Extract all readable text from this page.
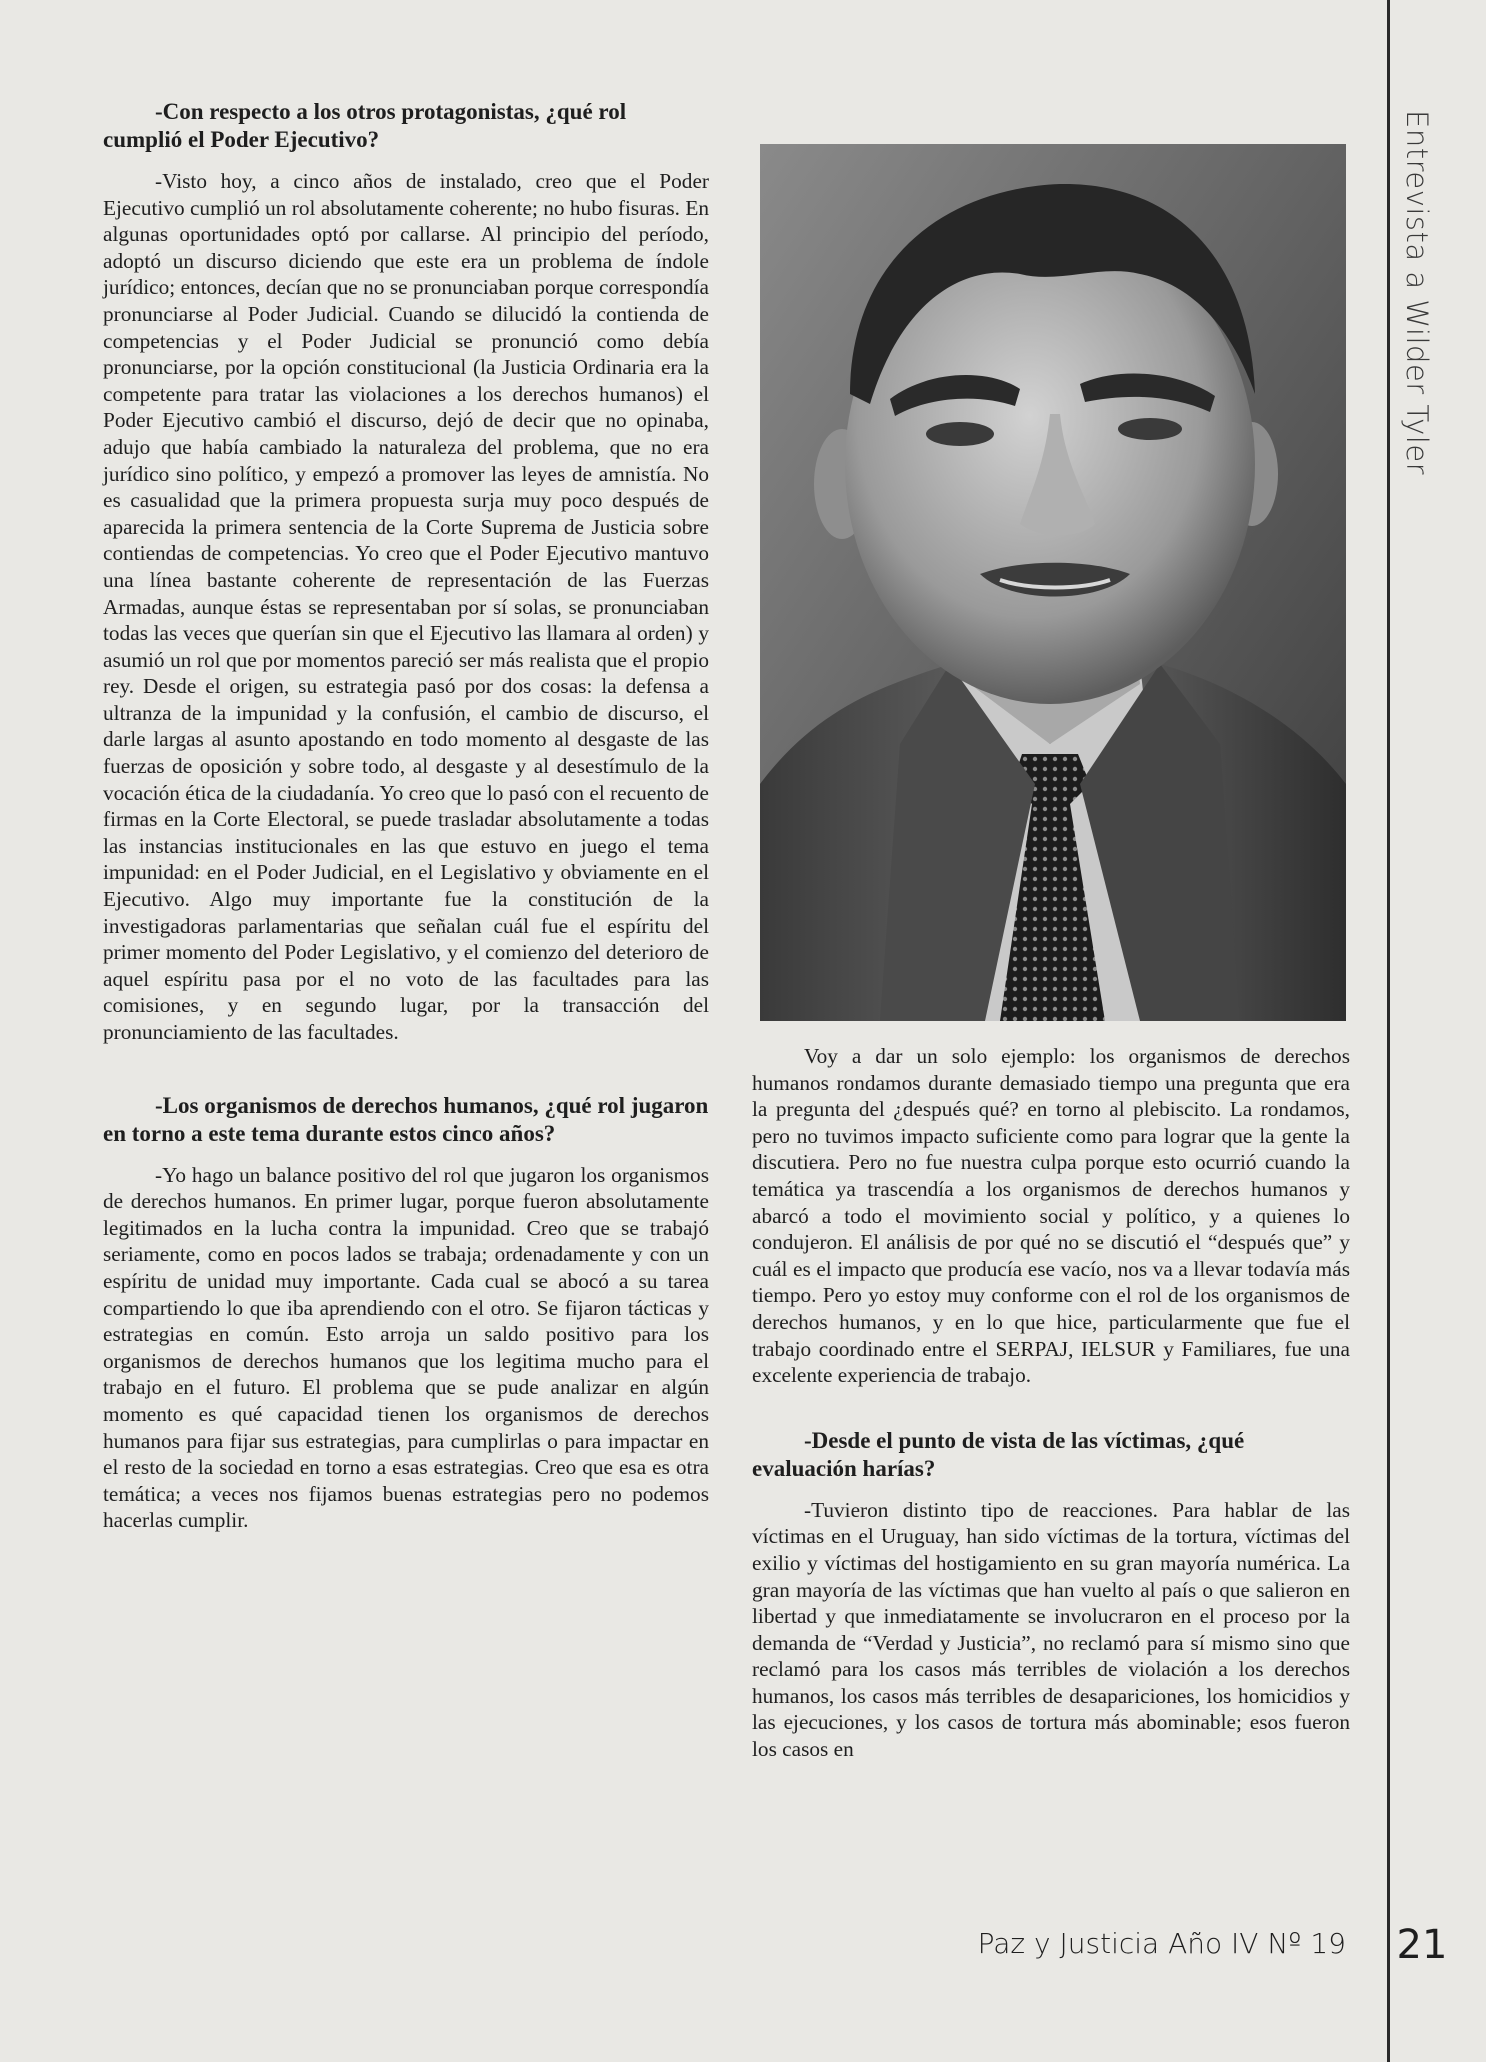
Entrevista a Wilder Tyler

-Con respecto a los otros protagonistas, ¿qué rol cumplió el Poder Ejecutivo?

-Visto hoy, a cinco años de instalado, creo que el Poder Ejecutivo cumplió un rol absolutamente coherente; no hubo fisuras. En algunas oportunidades optó por callarse. Al principio del período, adoptó un discurso diciendo que este era un problema de índole jurídico; entonces, decían que no se pronunciaban porque correspondía pronunciarse al Poder Judicial. Cuando se dilucidó la contienda de competencias y el Poder Judicial se pronunció como debía pronunciarse, por la opción constitucional (la Justicia Ordinaria era la competente para tratar las violaciones a los derechos humanos) el Poder Ejecutivo cambió el discurso, dejó de decir que no opinaba, adujo que había cambiado la naturaleza del problema, que no era jurídico sino político, y empezó a promover las leyes de amnistía. No es casualidad que la primera propuesta surja muy poco después de aparecida la primera sentencia de la Corte Suprema de Justicia sobre contiendas de competencias. Yo creo que el Poder Ejecutivo mantuvo una línea bastante coherente de representación de las Fuerzas Armadas, aunque éstas se representaban por sí solas, se pronunciaban todas las veces que querían sin que el Ejecutivo las llamara al orden) y asumió un rol que por momentos pareció ser más realista que el propio rey. Desde el origen, su estrategia pasó por dos cosas: la defensa a ultranza de la impunidad y la confusión, el cambio de discurso, el darle largas al asunto apostando en todo momento al desgaste de las fuerzas de oposición y sobre todo, al desgaste y al desestímulo de la vocación ética de la ciudadanía. Yo creo que lo pasó con el recuento de firmas en la Corte Electoral, se puede trasladar absolutamente a todas las instancias institucionales en las que estuvo en juego el tema impunidad: en el Poder Judicial, en el Legislativo y obviamente en el Ejecutivo. Algo muy importante fue la constitución de la investigadoras parlamentarias que señalan cuál fue el espíritu del primer momento del Poder Legislativo, y el comienzo del deterioro de aquel espíritu pasa por el no voto de las facultades para las comisiones, y en segundo lugar, por la transacción del pronunciamiento de las facultades.

-Los organismos de derechos humanos, ¿qué rol jugaron en torno a este tema durante estos cinco años?

-Yo hago un balance positivo del rol que jugaron los organismos de derechos humanos. En primer lugar, porque fueron absolutamente legitimados en la lucha contra la impunidad. Creo que se trabajó seriamente, como en pocos lados se trabaja; ordenadamente y con un espíritu de unidad muy importante. Cada cual se abocó a su tarea compartiendo lo que iba aprendiendo con el otro. Se fijaron tácticas y estrategias en común. Esto arroja un saldo positivo para los organismos de derechos humanos que los legitima mucho para el trabajo en el futuro. El problema que se pude analizar en algún momento es qué capacidad tienen los organismos de derechos humanos para fijar sus estrategias, para cumplirlas o para impactar en el resto de la sociedad en torno a esas estrategias. Creo que esa es otra temática; a veces nos fijamos buenas estrategias pero no podemos hacerlas cumplir.

Voy a dar un solo ejemplo: los organismos de derechos humanos rondamos durante demasiado tiempo una pregunta que era la pregunta del ¿después qué? en torno al plebiscito. La rondamos, pero no tuvimos impacto suficiente como para lograr que la gente la discutiera. Pero no fue nuestra culpa porque esto ocurrió cuando la temática ya trascendía a los organismos de derechos humanos y abarcó a todo el movimiento social y político, y a quienes lo condujeron. El análisis de por qué no se discutió el “después que” y cuál es el impacto que producía ese vacío, nos va a llevar todavía más tiempo. Pero yo estoy muy conforme con el rol de los organismos de derechos humanos, y en lo que hice, particularmente que fue el trabajo coordinado entre el SERPAJ, IELSUR y Familiares, fue una excelente experiencia de trabajo.

-Desde el punto de vista de las víctimas, ¿qué evaluación harías?

-Tuvieron distinto tipo de reacciones. Para hablar de las víctimas en el Uruguay, han sido víctimas de la tortura, víctimas del exilio y víctimas del hostigamiento en su gran mayoría numérica. La gran mayoría de las víctimas que han vuelto al país o que salieron en libertad y que inmediatamente se involucraron en el proceso por la demanda de “Verdad y Justicia”, no reclamó para sí mismo sino que reclamó para los casos más terribles de violación a los derechos humanos, los casos más terribles de desapariciones, los homicidios y las ejecuciones, y los casos de tortura más abominable; esos fueron los casos en

Paz y Justicia Año IV Nº 19 21
